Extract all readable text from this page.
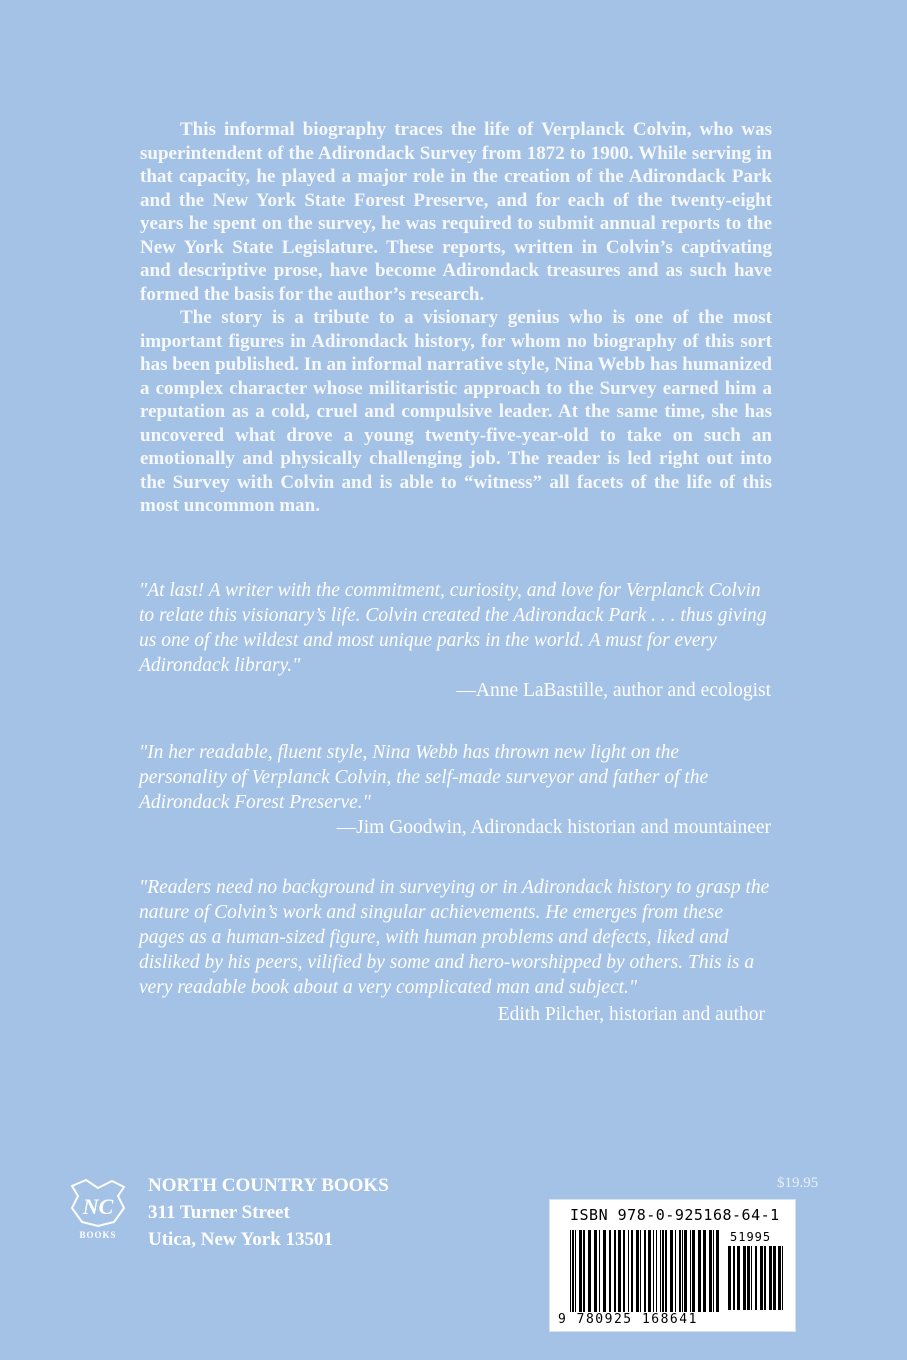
This informal biography traces the life of Verplanck Colvin, who was superintendent of the Adirondack Survey from 1872 to 1900. While serving in that capacity, he played a major role in the creation of the Adirondack Park and the New York State Forest Preserve, and for each of the twenty-eight years he spent on the survey, he was required to submit annual reports to the New York State Legislature. These reports, written in Colvin’s captivating and descriptive prose, have become Adirondack treasures and as such have formed the basis for the author’s research.

The story is a tribute to a visionary genius who is one of the most important figures in Adirondack history, for whom no biography of this sort has been published. In an informal narrative style, Nina Webb has humanized a complex character whose militaristic approach to the Survey earned him a reputation as a cold, cruel and compulsive leader. At the same time, she has uncovered what drove a young twenty-five-year-old to take on such an emotionally and physically challenging job. The reader is led right out into the Survey with Colvin and is able to “witness” all facets of the life of this most uncommon man.

"At last! A writer with the commitment, curiosity, and love for Verplanck Colvin to relate this visionary’s life. Colvin created the Adirondack Park . . . thus giving us one of the wildest and most unique parks in the world. A must for every Adirondack library."

—Anne LaBastille, author and ecologist

"In her readable, fluent style, Nina Webb has thrown new light on the personality of Verplanck Colvin, the self-made surveyor and father of the Adirondack Forest Preserve."

—Jim Goodwin, Adirondack historian and mountaineer

"Readers need no background in surveying or in Adirondack history to grasp the nature of Colvin’s work and singular achievements. He emerges from these pages as a human-sized figure, with human problems and defects, liked and disliked by his peers, vilified by some and hero-worshipped by others. This is a very readable book about a very complicated man and subject."

Edith Pilcher, historian and author

NC
BOOKS
NORTH COUNTRY BOOKS
311 Turner Street
Utica, New York 13501
$19.95
ISBN 978-0-925168-64-1
51995
9 780925 168641
